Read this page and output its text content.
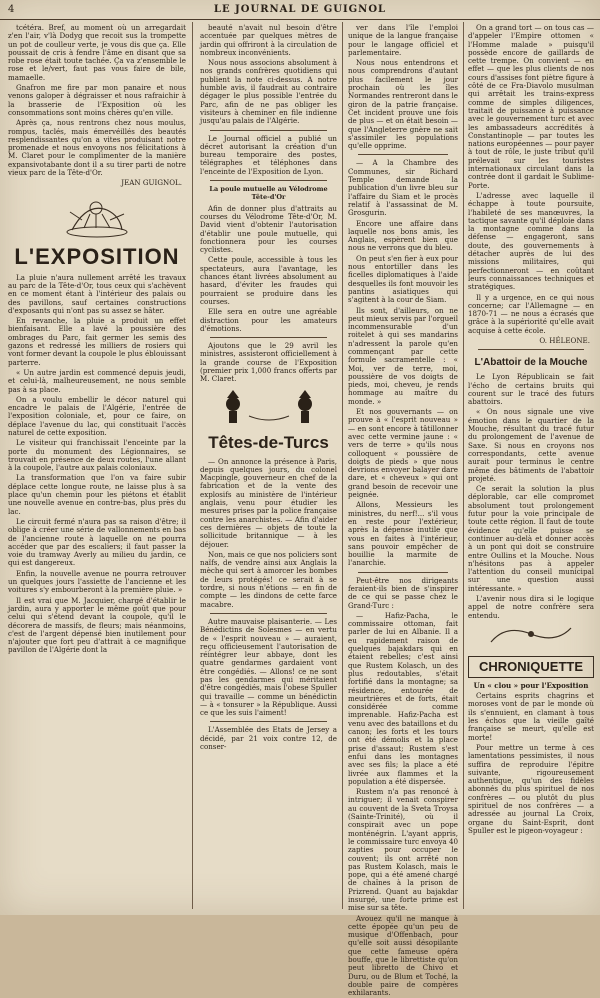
4	LE JOURNAL DE GUIGNOL

tcétéra. Bref, au moment où un arregardait z'en l'air, v'là Dodyg que recoit sus la trompette un pot de coulleur verte, je vous dis que ça. Elle poussait de cris à fendre l'âme en disant que sa robe rose était toute tachée. Ça va z'ensemble le rose et le/vert, faut pas vous faire de bile, mamaelle.

Gnafron me fire par mon panaire et nous venons galoper à dégraisser et nous rafraichir à la brasserie de l'Exposition où les consommations sont moins chères qu'en ville.

Après ça, nous rentrons chez nous moulus, rompus, taclés, mais émervéillés des beautés resplendissantes qu'on a vites produisant notre promenade et nous envoyons nos félicitations à M. Claret pour le complimenter de la manière expansivotabante dont il a su tirer parti de notre vieux parc de la Tête-d'Or.

JEAN GUIGNOL.

L'EXPOSITION

La pluie n'aura nullement arrêté les travaux au parc de la Tête-d'Or, tous ceux qui s'achèvent en ce moment étant à l'intérieur des palais ou des pavillons, sauf certaines constructions d'exposants qui n'ont pas su assez se hâter.

En revanche, la pluie a produit un effet bienfaisant. Elle a lavé la poussière des ombrages du Parc, fait germer les semis des gazons et redressé les milliers de rosiers qui vont former devant la coupole le plus éblouissant parterre.

« Un autre jardin est commencé depuis jeudi, et celui-là, malheureusement, ne nous semble pas à sa place.

On a voulu embellir le décor naturel qui encadre le palais de l'Algérie, l'entrée de l'exposition coloniale, et, pour ce faire, on déplace l'avenue du lac, qui constituait l'accès naturel de cette exposition.

Le visiteur qui franchissait l'enceinte par la porte du monument des Légionnaires, se trouvait en présence de deux routes, l'une allant à la coupole, l'autre aux palais coloniaux.

La transformation que l'on va faire subir déplace cette longue route, ne laisse plus à sa place qu'un chemin pour les piétons et établit une nouvelle avenue en contre-bas, plus près du lac.

Le circuit fermé n'aura pas sa raison d'être; il oblige à créer une série de vallonnements en bas de l'ancienne route à laquelle on ne pourra accéder que par des escaliers; il faut passer la voie du tramway Averly au milieu du jardin, ce qui est dangereux.

Enfin, la nouvelle avenue ne pourra retrouver un quelques jours l'assiette de l'ancienne et les voitures s'y embourberont à la première pluie. »

Il est vrai que M. Jacquier, chargé d'établir le jardin, aura y apporter le même goût que pour celui qui s'étend devant la coupole, qu'il le décorera de massifs, de fleurs; mais néanmoins, c'est de l'argent dépensé bien inutilement pour n'ajouter que fort peu d'attrait à ce magnifique pavillon de l'Algérie dont la

beauté n'avait nul besoin d'être accentuée par quelques mètres de jardin qui offriront à la circulation de nombreux inconvénients.

Nous nous associons absolument à nos grands confrères quotidiens qui publient la note ci-dessus. A notre humble avis, il faudrait au contraire dégager le plus possible l'entrée du Parc, afin de ne pas obliger les visiteurs à cheminer en file indienne jusqu'au palais de l'Algérie.

Le Journal officiel a publié un décret autorisant la création d'un bureau temporaire des postes, télégraphes et téléphones dans l'enceinte de l'Exposition de Lyon.

La poule mutuelle au Vélodrome Tête-d'Or

Afin de donner plus d'attraits au courses du Vélodrome Tête-d'Or, M. David vient d'obtenir l'autorisation d'établir une poule mutuelle, qui fonctionnera pour les courses cyclistes.

Cette poule, accessible à tous les spectateurs, aura l'avantage, les chances étant livrées absolument au hasard, d'éviter les fraudes qui pourraient se produire dans les courses.

Elle sera en outre une agréable distraction pour les amateurs d'émotions.

Ajoutons que le 29 avril les ministres, assisteront officiellement à la grande course de l'Exposition (premier prix 1,000 francs offerts par M. Claret.

Têtes-de-Turcs

— On annonce la présence à Paris, depuis quelques jours, du colonel Macpingle, gouverneur en chef de la fabrication et de la vente des explosifs au ministère de l'intérieur anglais, venu pour étudier les mesures prises par la police française contre les anarchistes. — Afin d'aider ces dernières — objets de toute la sollicitude britannique — à les déjouer.

Non, mais ce que nos policiers sont naïfs, de vendre ainsi aux Anglais la mèche qui sert à amorcer les bombes de leurs protégés! ce serait à se tordre, si nous n'étions — en fin de compte — les dindons de cette farce macabre.

Autre mauvaise plaisanterie. — Les Bénédictins de Solesmes — en vertu de « l'esprit nouveau » — auraient, reçu officieusement l'autorisation de réintégrer leur abbaye, dont les quatre gendarmes gardaient vont être congédiés. — Allons! ce ne sont pas les gendarmes qui méritaient d'être congédiés, mais l'obese Spuller qui travaille — comme un bénédictin — à « tonsurer » la République. Aussi ce que les suis l'aiment!

L'Assemblée des Etats de Jersey a décidé, par 21 voix contre 12, de conser-

ver dans l'île l'emploi unique de la langue française pour le langage officiel et parlementaire.

Nous nous entendrons et nous comprendrons d'autant plus facilement le jour prochain où les îles Normandes rentreront dans le giron de la patrie française. Cet incident prouve une fois de plus — et on était besoin — que l'Angleterre gnère ne sait s'assimiler les populations qu'elle opprime.

— A la Chambre des Communes, sir Richard Temple demande la publication d'un livre bleu sur l'affaire du Siam et le procès relatif à l'assassinat de M. Grosgurin.

Encore une affaire dans laquelle nos bons amis, les Anglais, espèrent bien que nous ne verrons que du bleu.

On peut s'en fier à eux pour nous entortiller dans les ficelles diplomatiques à l'aide desquelles ils font mouvoir les pantins asiatiques qui s'agitent à la cour de Siam.

Ils sont, d'ailleurs, on ne peut mieux servis par l'orgueil incommensurable d'un roitelet à qui ses mandarins n'adressent la parole qu'en commençant par cette formule sacramentelle : « Moi, ver de terre, moi, poussière de vos doigts de pieds, moi, cheveu, je rends hommage au maître du monde. »

Et nos gouvernants — on prouve à « l'esprit nouveau » — en sont encore à tâtillonner avec cette vermine jaune : « vers de terre » qu'ils nous colloquent « poussière de doigts de pieds » que nous devrions envoyer balayer dare dare, et « cheveux » qui ont grand besoin de recevoir une peignée.

Allons, Messieurs les ministres, du nerf!... s'il vous en reste pour l'extérieur, après la dépense inutile que vous en faites à l'intérieur, sans pouvoir empêcher de bouillie la marmite de l'anarchie.

Peut-être nos dirigeants feraient-ils bien de s'inspirer de ce qui se passe chez le Grand-Turc :

— Hafiz-Pacha, le commissaire ottoman, fait parler de lui en Albanie. Il a eu rapidement raison de quelques bajakdars qui en étaient rebelles; c'est ainsi que Rustem Kolasch, un des plus redoutables, s'était fortifié dans la montagne; sa résidence, entourée de meurtrières et de forts, était considérée comme imprenable. Hafiz-Pacha est venu avec des bataillons et du canon; les forts et les tours ont été démolis et la place prise d'assaut; Rustem s'est enfui dans les montagnes avec ses fils; la place a été livrée aux flammes et la population a été dispersée.

Rustem n'a pas renoncé à intriguer; il venait conspirer au couvent de la Sveta Troysa (Sainte-Trinité), où il conspirait avec un pope monténégrin. L'ayant appris, le commissaire turc envoya 40 zapties pour occuper le couvent; ils ont arrêté non pas Rustem Kolasch, mais le pope, qui a été amené chargé de chaînes à la prison de Prizrend. Quant au bajakdar insurgé, une forte prime est mise sur sa tête.

Avouez qu'il ne manque à cette épopée qu'un peu de musique d'Offenbach, pour qu'elle soit aussi désopilante que cette fameuse opéra bouffe, que le librettiste qu'on peut libretto de Chivo et Duru, ou de Blum et Toché, la double paire de compères exhilarants.

On a grand tort — on tous cas — d'appeler l'Empire ottomen « l'Homme malade » puisqu'il possède encore de gaillards de cette trempe. On convient — en effet — que les plus clients de nos cours d'assises font piètre figure à côté de ce Fra-Diavolo musulman qui arrêtait les trains-express comme de simples diligences, traitait de puissance à puissance avec le gouvernement turc et avec les ambassadeurs accrédités à Constantinople — par toutes les nations européennes — pour payer à tout de rôle, le juste tribut qu'il prélevait sur les touristes internationaux circulant dans la contrée dont il gardait le Sublime-Porte.

L'adresse avec laquelle il échappe à toute poursuite, l'habileté de ses manœuvres, la tactique savante qu'il déploie dans la montagne comme dans la défense — engageront, sans doute, des gouvernements à détacher auprès de lui des missions militaires, qui perfectionneront — en coûtant leurs connaissances techniques et stratégiques.

Il y a urgence, en ce qui nous concerne; car l'Allemagne — en 1870-71 — ne nous a écrasés que grâce à la supériorité qu'elle avait acquise à cette école.

O. HÉLEONE.

L'Abattoir de la Mouche

Le Lyon Républicain se fait l'écho de certains bruits qui courent sur le tracé des futurs abattoirs.

« On nous signale une vive émotion dans le quartier de la Mouche, résultant du tracé futur du prolongement de l'avenue de Saxe. Si nous en croyons nos correspondants, cette avenue aurait pour terminus le centre même des bâtiments de l'abattoir projeté.

Ce serait la solution la plus déplorable, car elle compromet absolument tout prolongement futur pour la voie principale de toute cette région. Il faut de toute évidence qu'elle puisse se continuer au-delà et donner accès à un pont qui doit se construire entre Oullins et la Mouche. Nous n'hésitons pas à appeler l'attention du conseil municipal sur une question aussi intéressante. »

L'avenir nous dira si le logique appel de notre confrère sera entendu.

CHRONIQUETTE

Un « clou » pour l'Exposition

Certains esprits chagrins et moroses vont de par le monde où ils s'ennuient, en clamant à tous les échos que la vieille gaîté française se meurt, qu'elle est morte!

Pour mettre un terme à ces lamentations pessimistes, il nous suffira de reproduire l'épitre suivante, rigoureusement authentique, qu'un des fidèles abonnés du plus spirituel de nos confrères — ou plutôt du plus spirituel de nos confrères — a adressée au journal La Croix, organe du Saint-Esprit, dont Spuller est le pigeon-voyageur :
